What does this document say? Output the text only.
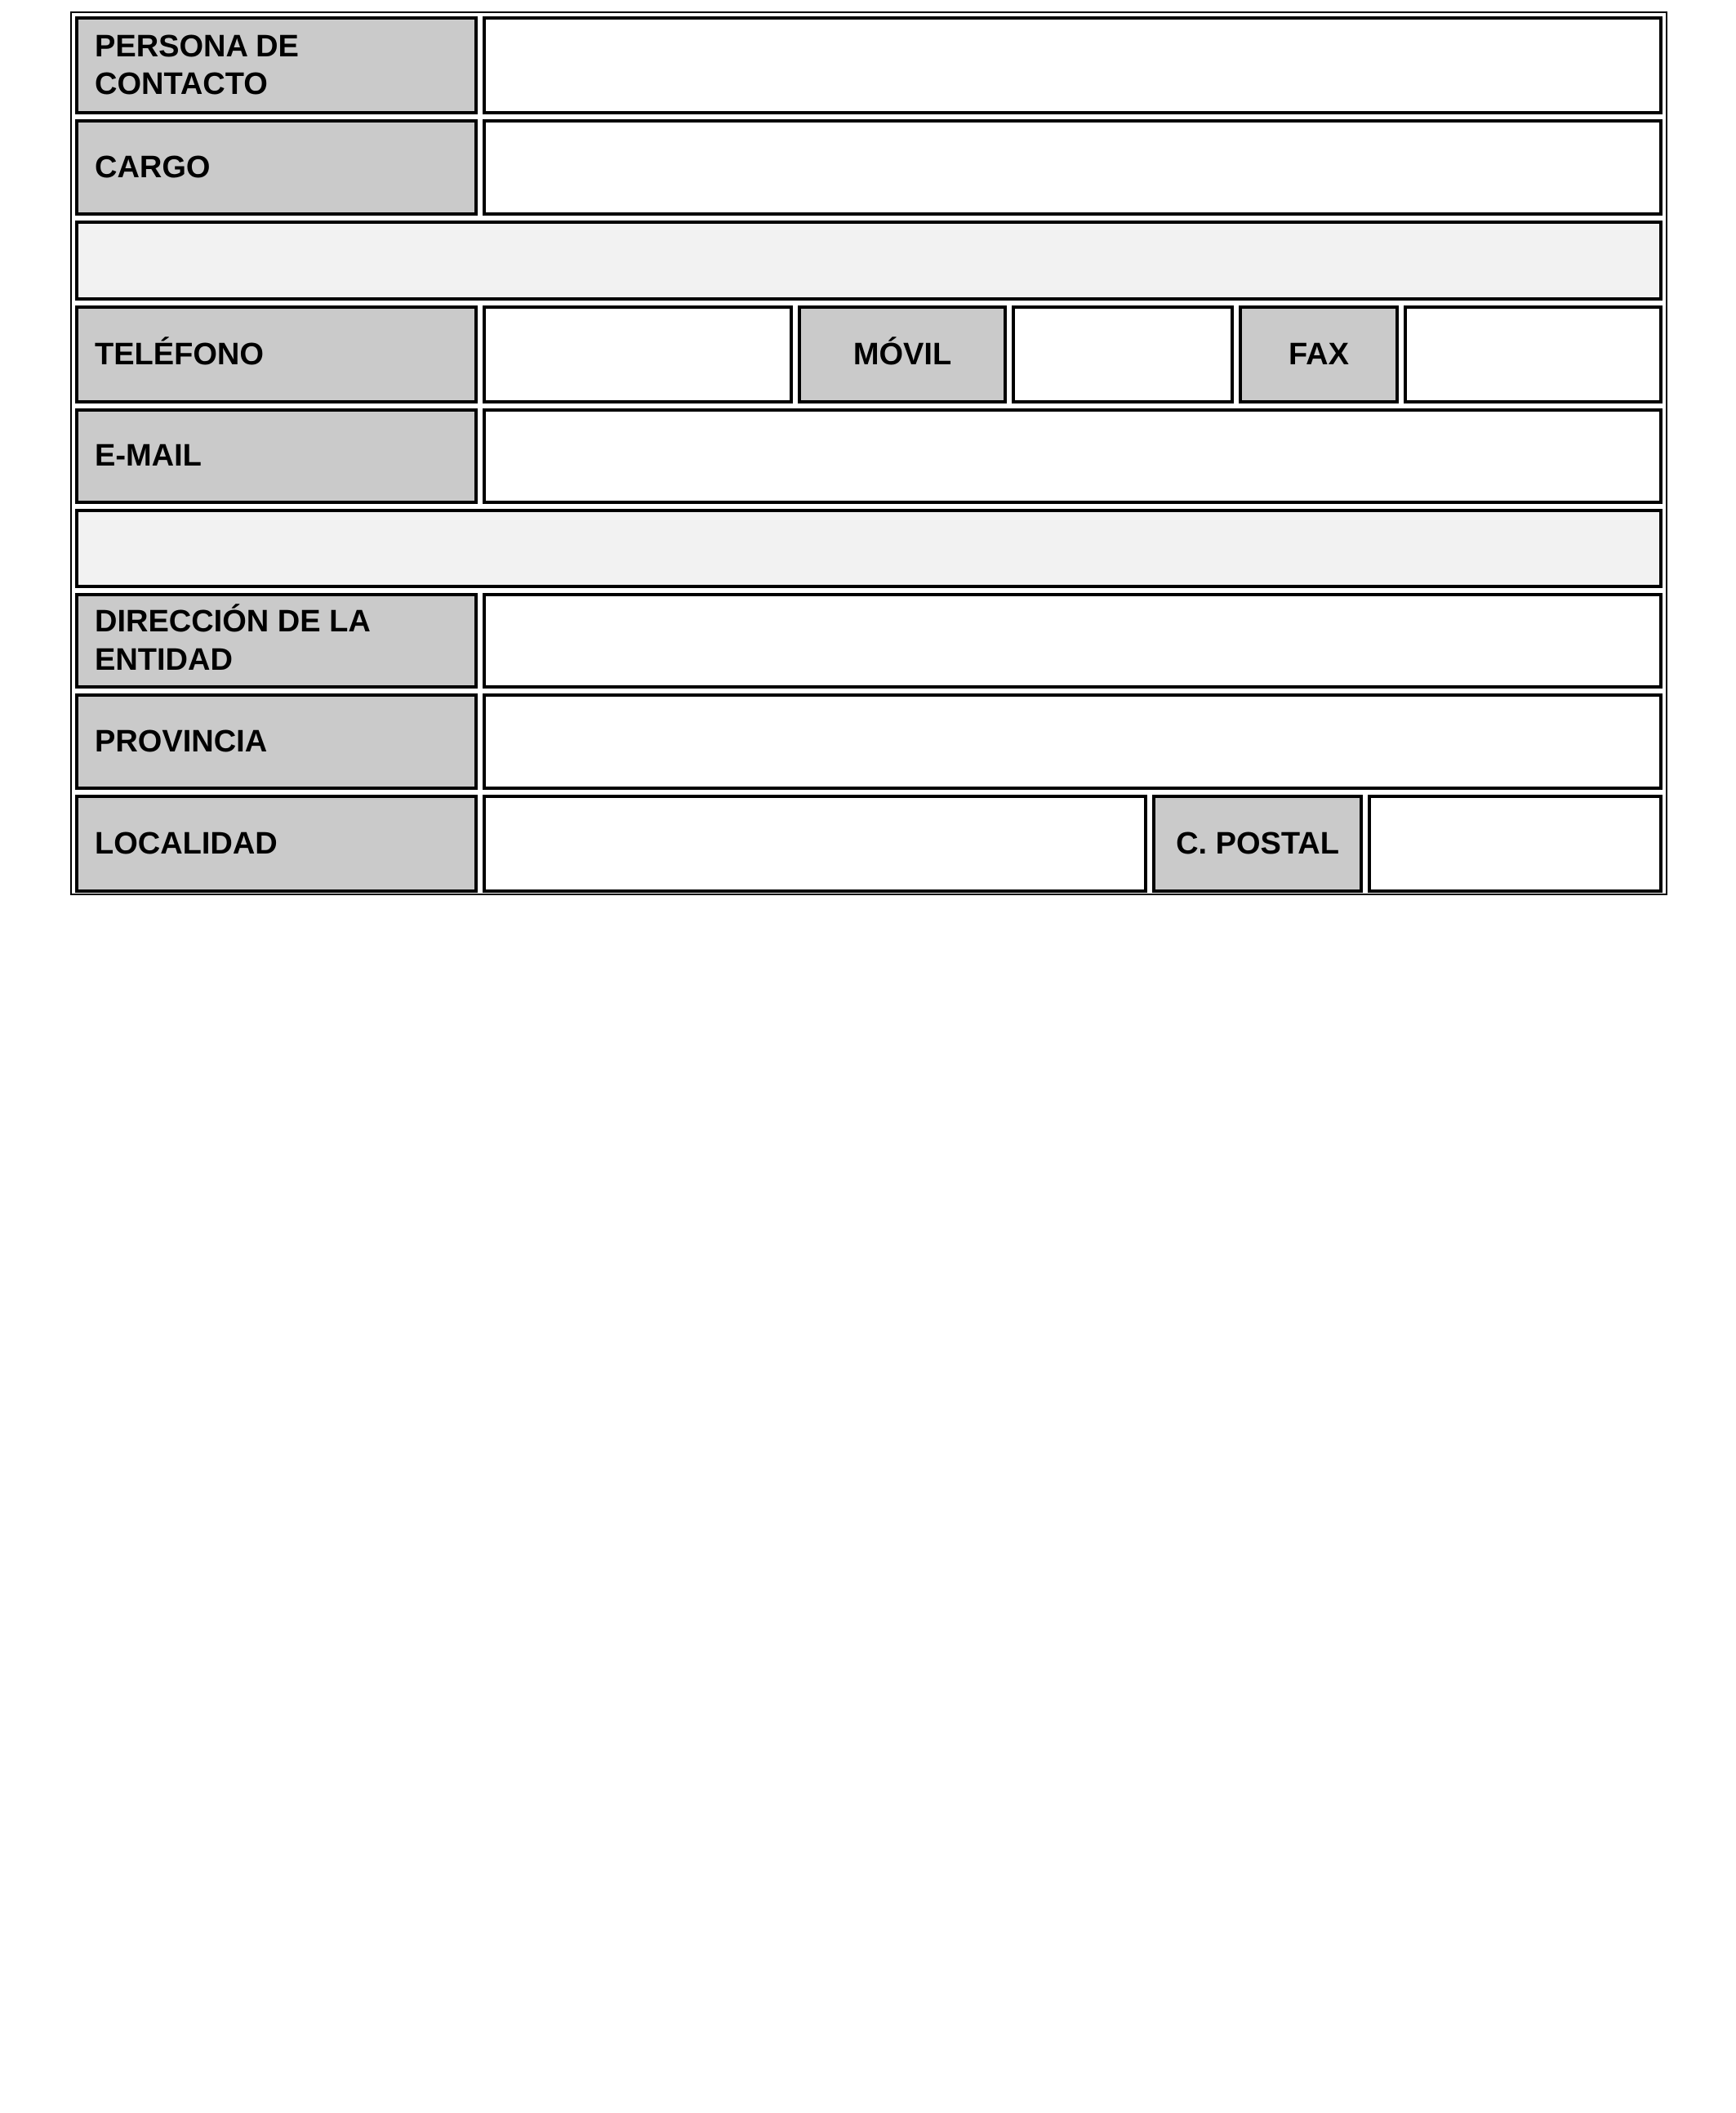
PERSONA DE CONTACTO
CARGO
TELÉFONO	MÓVIL	FAX
E-MAIL
DIRECCIÓN DE LA ENTIDAD
PROVINCIA
LOCALIDAD	C. POSTAL
